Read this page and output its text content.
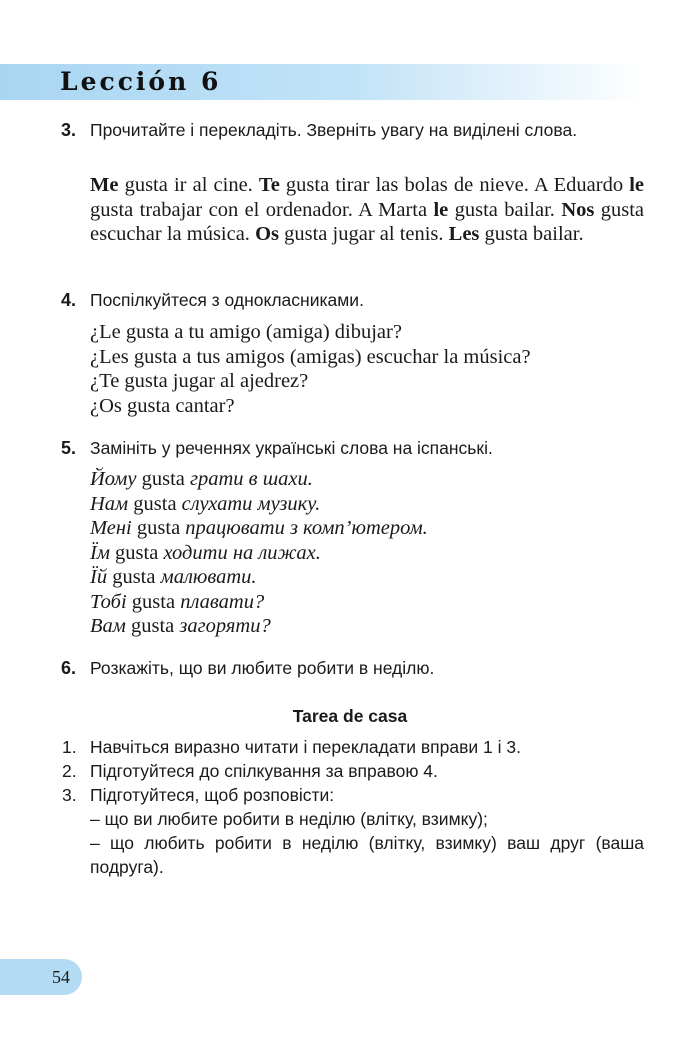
Lección 6
3. Прочитайте і перекладіть. Зверніть увагу на виділені слова.

Me gusta ir al cine. Te gusta tirar las bolas de nieve. A Eduardo le gusta trabajar con el ordenador. A Marta le gusta bailar. Nos gusta escuchar la música. Os gusta jugar al tenis. Les gusta bailar.

4. Поспілкуйтеся з однокласниками.

¿Le gusta a tu amigo (amiga) dibujar?
¿Les gusta a tus amigos (amigas) escuchar la música?
¿Te gusta jugar al ajedrez?
¿Os gusta cantar?
5. Замініть у реченнях українські слова на іспанські.

Йому gusta грати в шахи.
Нам gusta слухати музику.
Мені gusta працювати з комп’ютером.
Їм gusta ходити на лижах.
Їй gusta малювати.
Тобі gusta плавати?
Вам gusta загоряти?
6. Розкажіть, що ви любите робити в неділю.

Tarea de casa
1. Навчіться виразно читати і перекладати вправи 1 і 3.
2. Підготуйтеся до спілкування за вправою 4.
3. Підготуйтеся, щоб розповісти:
– що ви любите робити в неділю (влітку, взимку);
– що любить робити в неділю (влітку, взимку) ваш друг (ваша подруга).
54
